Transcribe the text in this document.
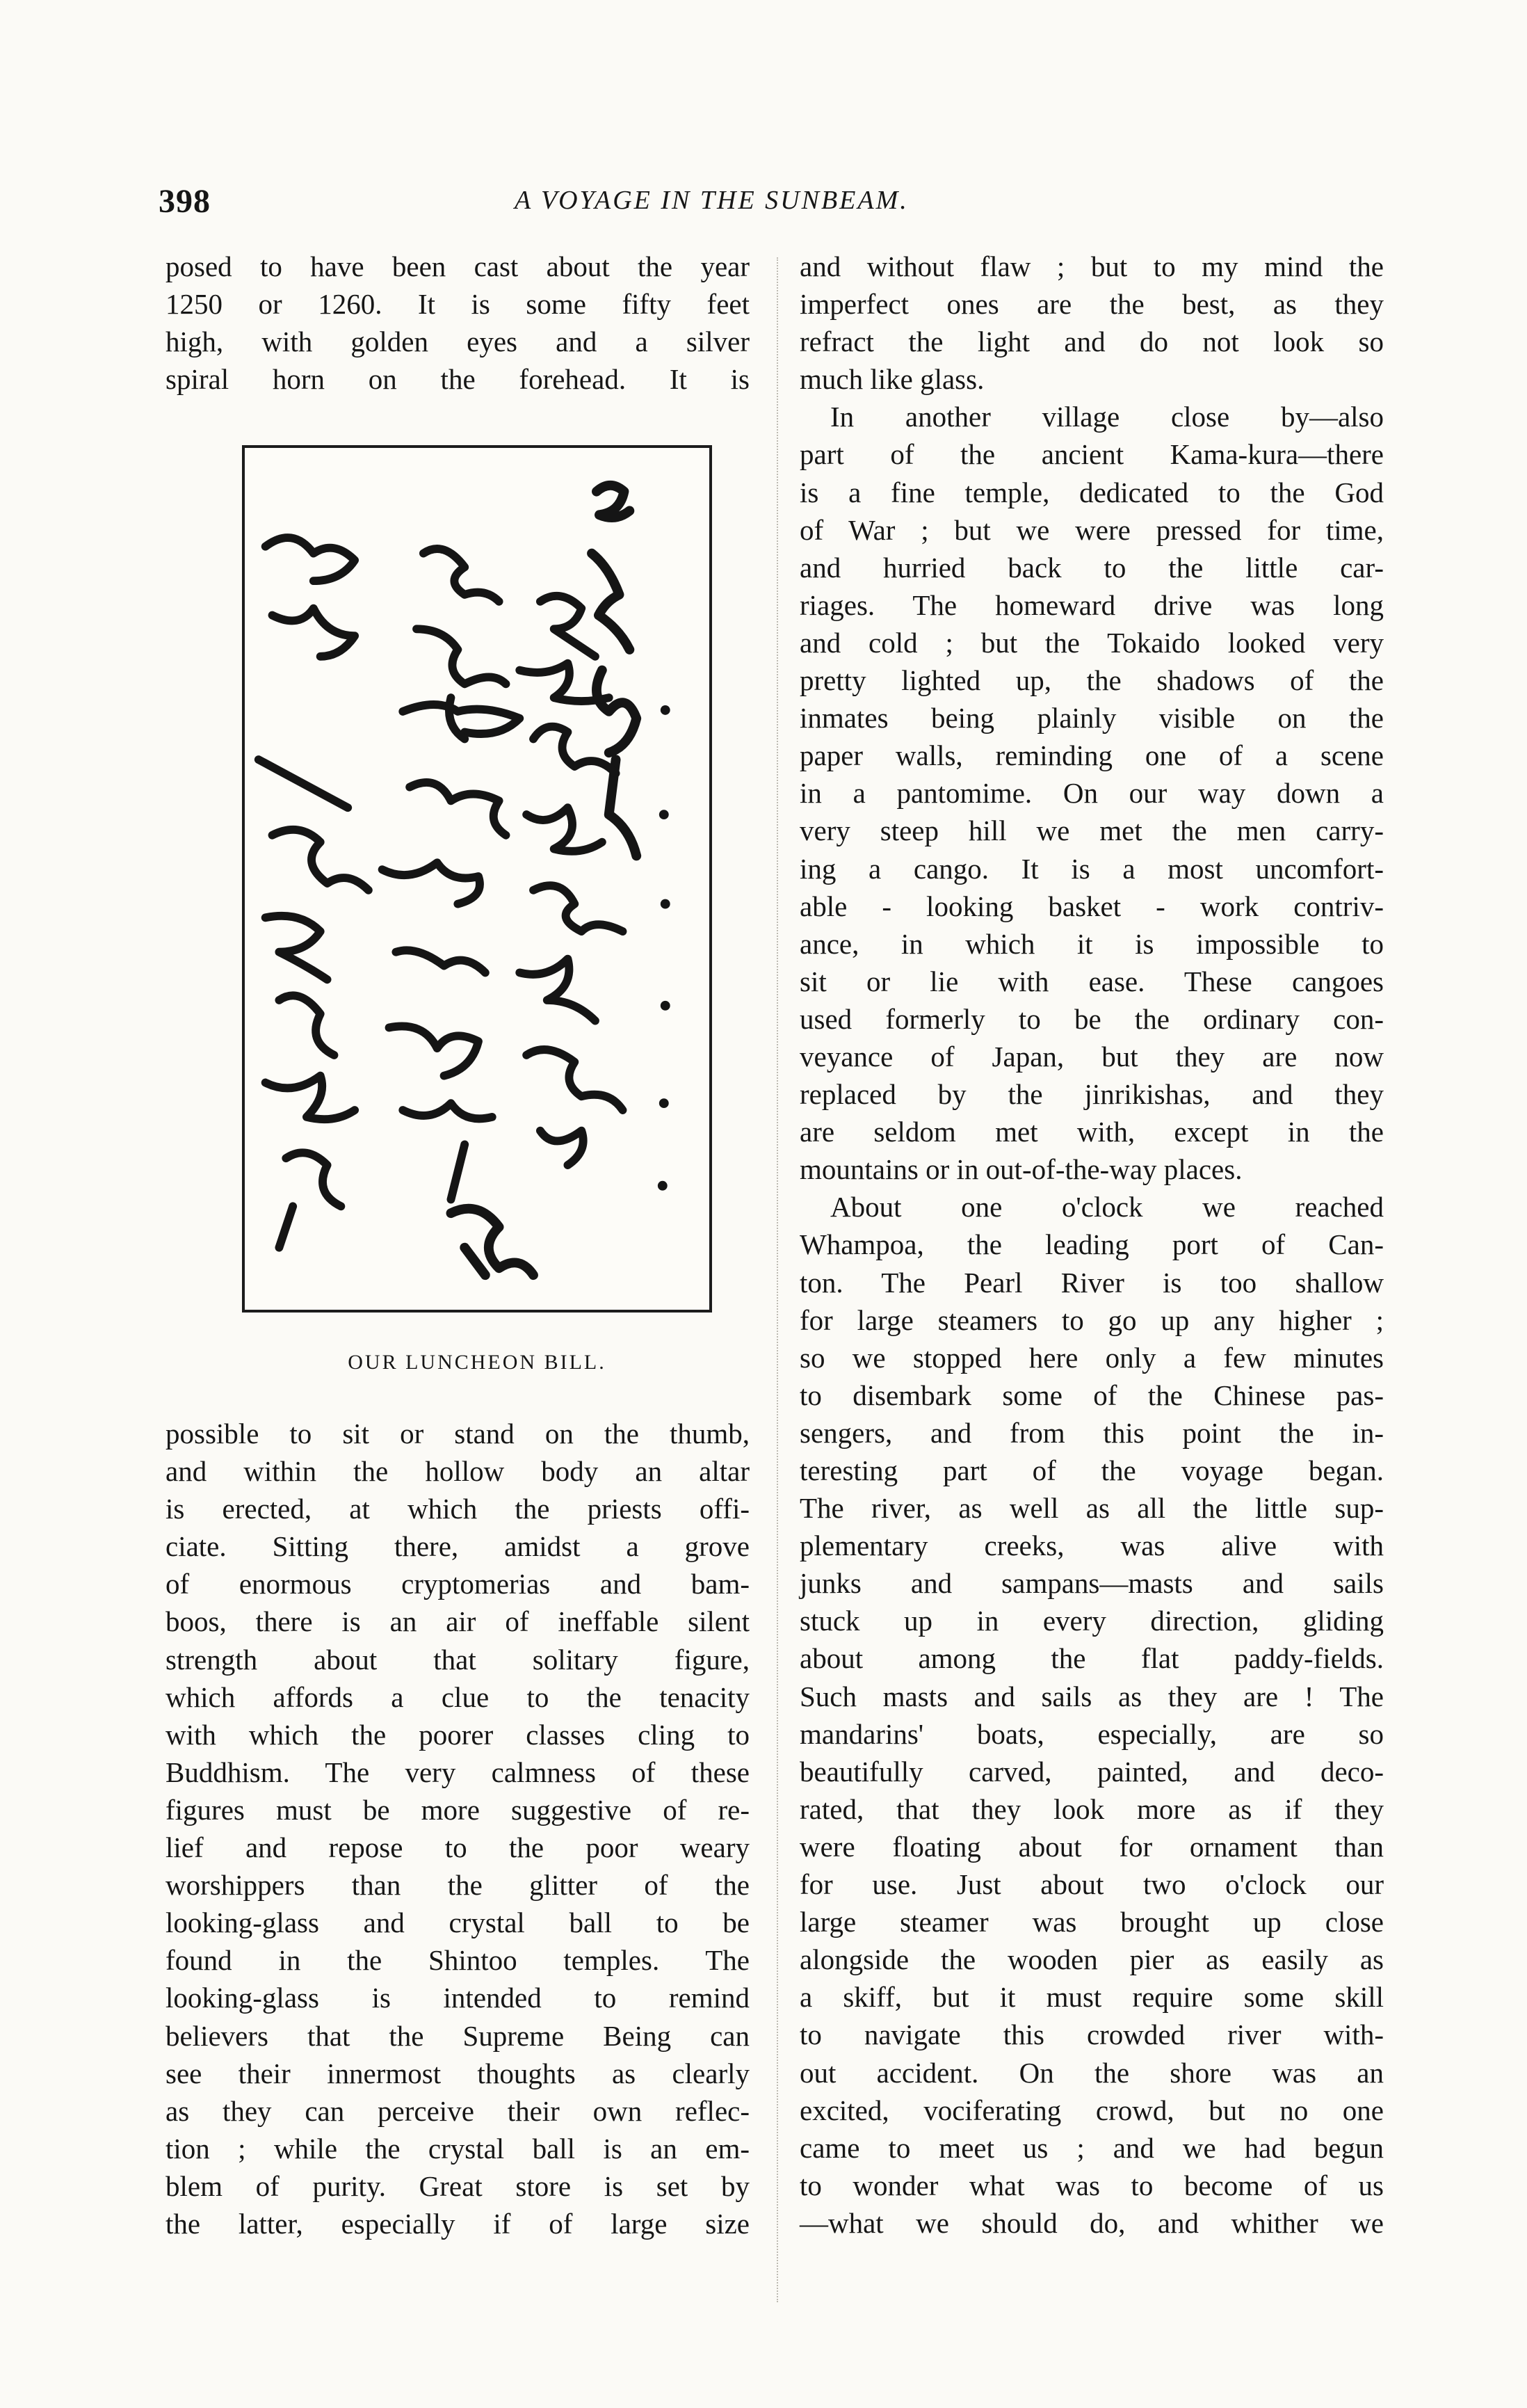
398	A VOYAGE IN THE SUNBEAM.
posed to have been cast about the year
1250 or 1260. It is some fifty feet
high, with golden eyes and a silver
spiral horn on the forehead. It is
OUR LUNCHEON BILL.
possible to sit or stand on the thumb,
and within the hollow body an altar
is erected, at which the priests offi-
ciate. Sitting there, amidst a grove
of enormous cryptomerias and bam-
boos, there is an air of ineffable silent
strength about that solitary figure,
which affords a clue to the tenacity
with which the poorer classes cling to
Buddhism. The very calmness of these
figures must be more suggestive of re-
lief and repose to the poor weary
worshippers than the glitter of the
looking-glass and crystal ball to be
found in the Shintoo temples. The
looking-glass is intended to remind
believers that the Supreme Being can
see their innermost thoughts as clearly
as they can perceive their own reflec-
tion ; while the crystal ball is an em-
blem of purity. Great store is set by
the latter, especially if of large size
and without flaw ; but to my mind the
imperfect ones are the best, as they
refract the light and do not look so
much like glass.
In another village close by—also
part of the ancient Kama-kura—there
is a fine temple, dedicated to the God
of War ; but we were pressed for time,
and hurried back to the little car-
riages. The homeward drive was long
and cold ; but the Tokaido looked very
pretty lighted up, the shadows of the
inmates being plainly visible on the
paper walls, reminding one of a scene
in a pantomime. On our way down a
very steep hill we met the men carry-
ing a cango. It is a most uncomfort-
able - looking basket - work contriv-
ance, in which it is impossible to
sit or lie with ease. These cangoes
used formerly to be the ordinary con-
veyance of Japan, but they are now
replaced by the jinrikishas, and they
are seldom met with, except in the
mountains or in out-of-the-way places.
About one o'clock we reached
Whampoa, the leading port of Can-
ton. The Pearl River is too shallow
for large steamers to go up any higher ;
so we stopped here only a few minutes
to disembark some of the Chinese pas-
sengers, and from this point the in-
teresting part of the voyage began.
The river, as well as all the little sup-
plementary creeks, was alive with
junks and sampans—masts and sails
stuck up in every direction, gliding
about among the flat paddy-fields.
Such masts and sails as they are ! The
mandarins' boats, especially, are so
beautifully carved, painted, and deco-
rated, that they look more as if they
were floating about for ornament than
for use. Just about two o'clock our
large steamer was brought up close
alongside the wooden pier as easily as
a skiff, but it must require some skill
to navigate this crowded river with-
out accident. On the shore was an
excited, vociferating crowd, but no one
came to meet us ; and we had begun
to wonder what was to become of us
—what we should do, and whither we
